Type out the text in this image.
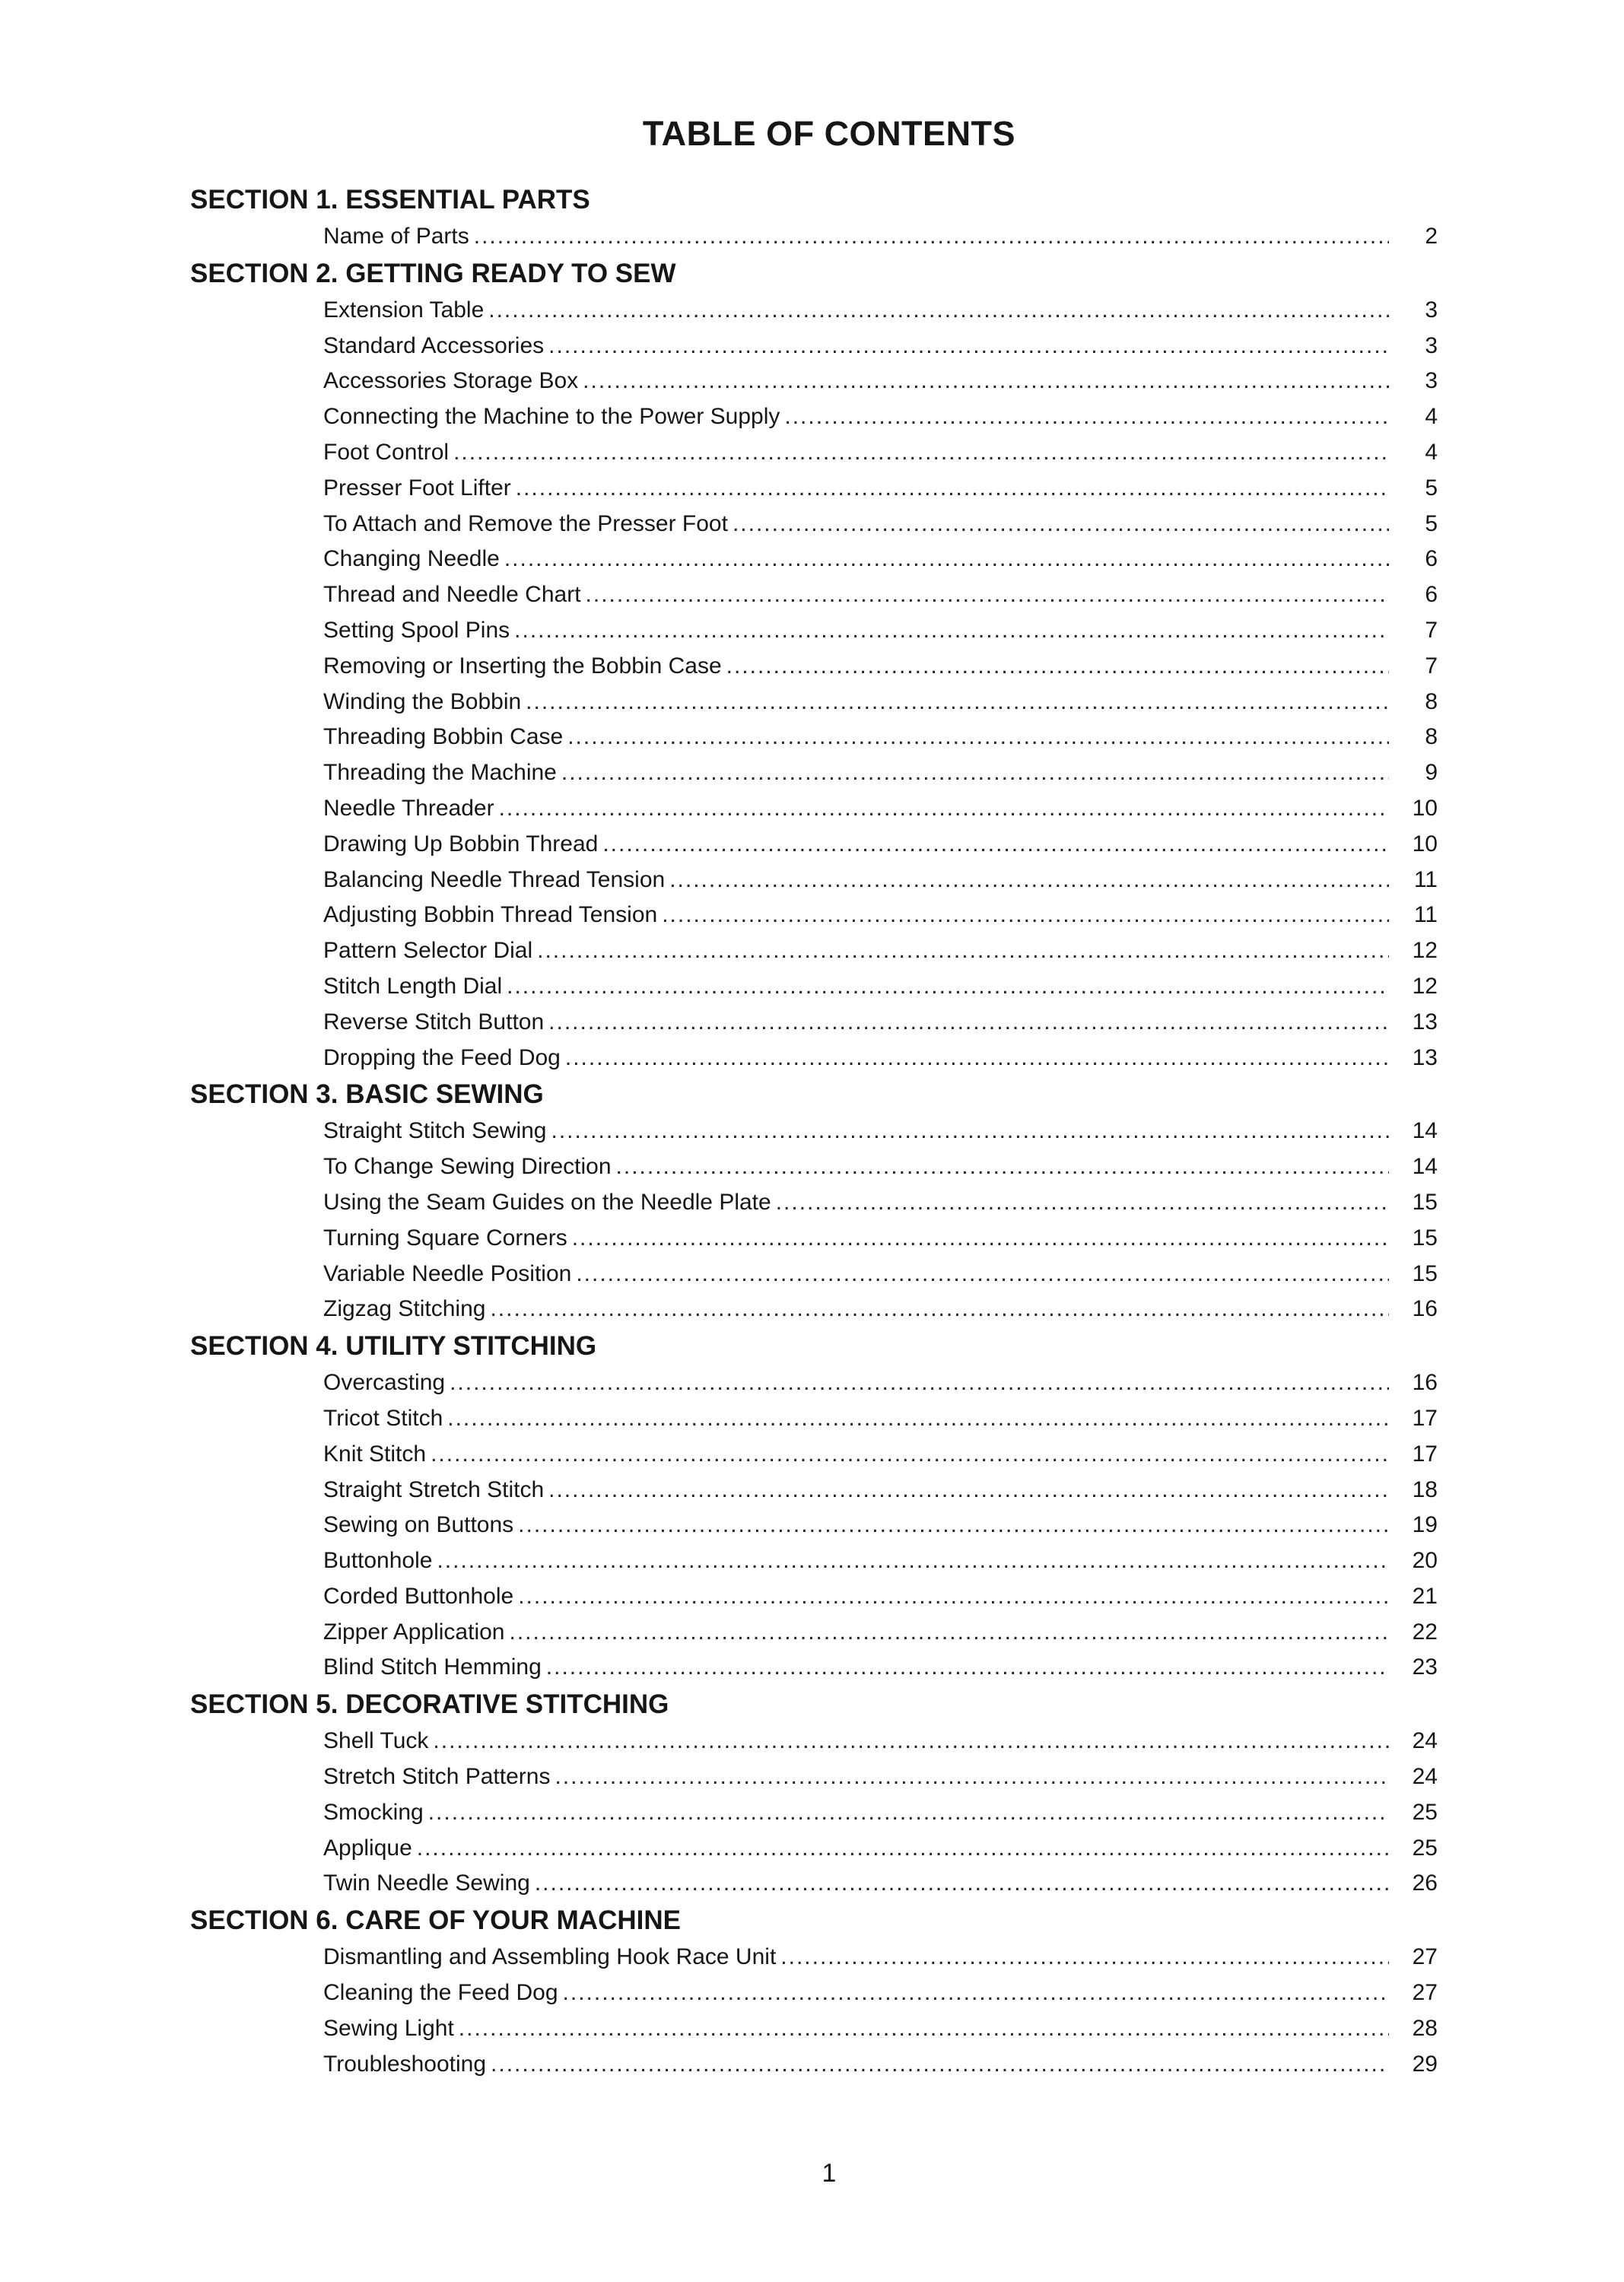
TABLE OF CONTENTS
SECTION 1. ESSENTIAL PARTS
Name of Parts .....	2
SECTION 2. GETTING READY TO SEW
Extension Table .....	3
Standard Accessories .....	3
Accessories Storage Box .....	3
Connecting the Machine to the Power Supply .....	4
Foot Control .....	4
Presser Foot Lifter .....	5
To Attach and Remove the Presser Foot .....	5
Changing Needle .....	6
Thread and Needle Chart .....	6
Setting Spool Pins .....	7
Removing or Inserting the Bobbin Case .....	7
Winding the Bobbin .....	8
Threading Bobbin Case .....	8
Threading the Machine .....	9
Needle Threader .....	10
Drawing Up Bobbin Thread .....	10
Balancing Needle Thread Tension .....	11
Adjusting Bobbin Thread Tension .....	11
Pattern Selector Dial .....	12
Stitch Length Dial .....	12
Reverse Stitch Button .....	13
Dropping the Feed Dog .....	13
SECTION 3. BASIC SEWING
Straight Stitch Sewing .....	14
To Change Sewing Direction .....	14
Using the Seam Guides on the Needle Plate .....	15
Turning Square Corners .....	15
Variable Needle Position .....	15
Zigzag Stitching .....	16
SECTION 4. UTILITY STITCHING
Overcasting .....	16
Tricot Stitch .....	17
Knit Stitch .....	17
Straight Stretch Stitch .....	18
Sewing on Buttons .....	19
Buttonhole .....	20
Corded Buttonhole .....	21
Zipper Application .....	22
Blind Stitch Hemming .....	23
SECTION 5. DECORATIVE STITCHING
Shell Tuck .....	24
Stretch Stitch Patterns .....	24
Smocking .....	25
Applique .....	25
Twin Needle Sewing .....	26
SECTION 6. CARE OF YOUR MACHINE
Dismantling and Assembling Hook Race Unit .....	27
Cleaning the Feed Dog .....	27
Sewing Light .....	28
Troubleshooting .....	29
1
